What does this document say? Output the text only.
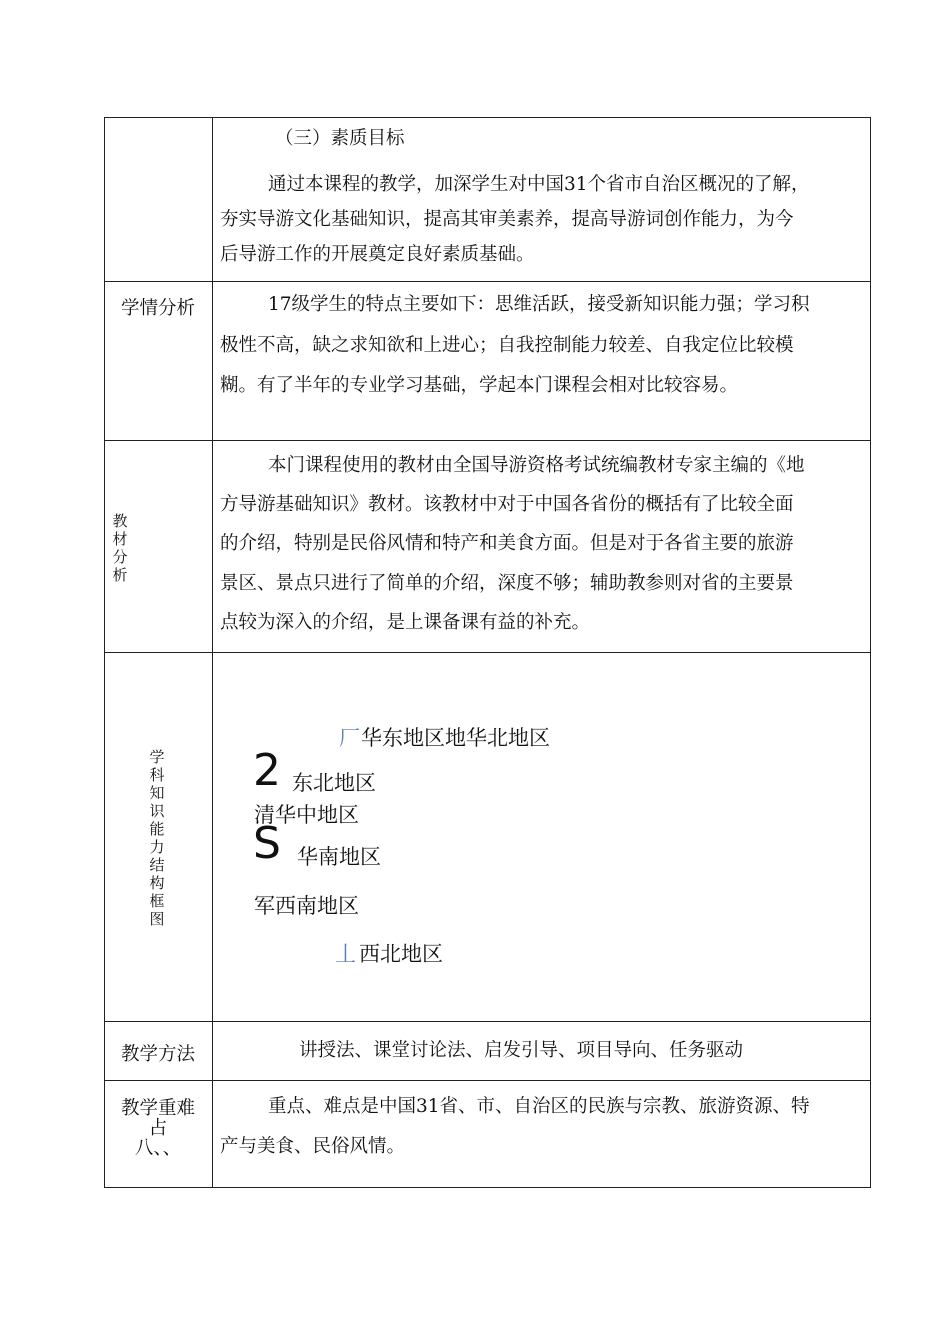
（三）素质目标
通过本课程的教学，加深学生对中国31个省市自治区概况的了解，
夯实导游文化基础知识，提高其审美素养，提高导游词创作能力，为今
后导游工作的开展奠定良好素质基础。
学情分析	17级学生的特点主要如下：思维活跃，接受新知识能力强；学习积
极性不高，缺之求知欲和上进心；自我控制能力较差、自我定位比较模
糊。有了半年的专业学习基础，学起本门课程会相对比较容易。
教材分析
本门课程使用的教材由全国导游资格考试统编教材专家主编的《地
方导游基础知识》教材。该教材中对于中国各省份的概括有了比较全面
的介绍，特别是民俗风情和特产和美食方面。但是对于各省主要的旅游
景区、景点只进行了简单的介绍，深度不够；辅助教参则对省的主要景
点较为深入的介绍，是上课备课有益的补充。
学科知识能力结构框图
厂 华东地区地华北地区
2 东北地区
清华中地区
S 华南地区
军西南地区
丄 西北地区
教学方法	讲授法、课堂讨论法、启发引导、项目导向、任务驱动
教学重难
占
八、、
重点、难点是中国31省、市、自治区的民族与宗教、旅游资源、特
产与美食、民俗风情。
